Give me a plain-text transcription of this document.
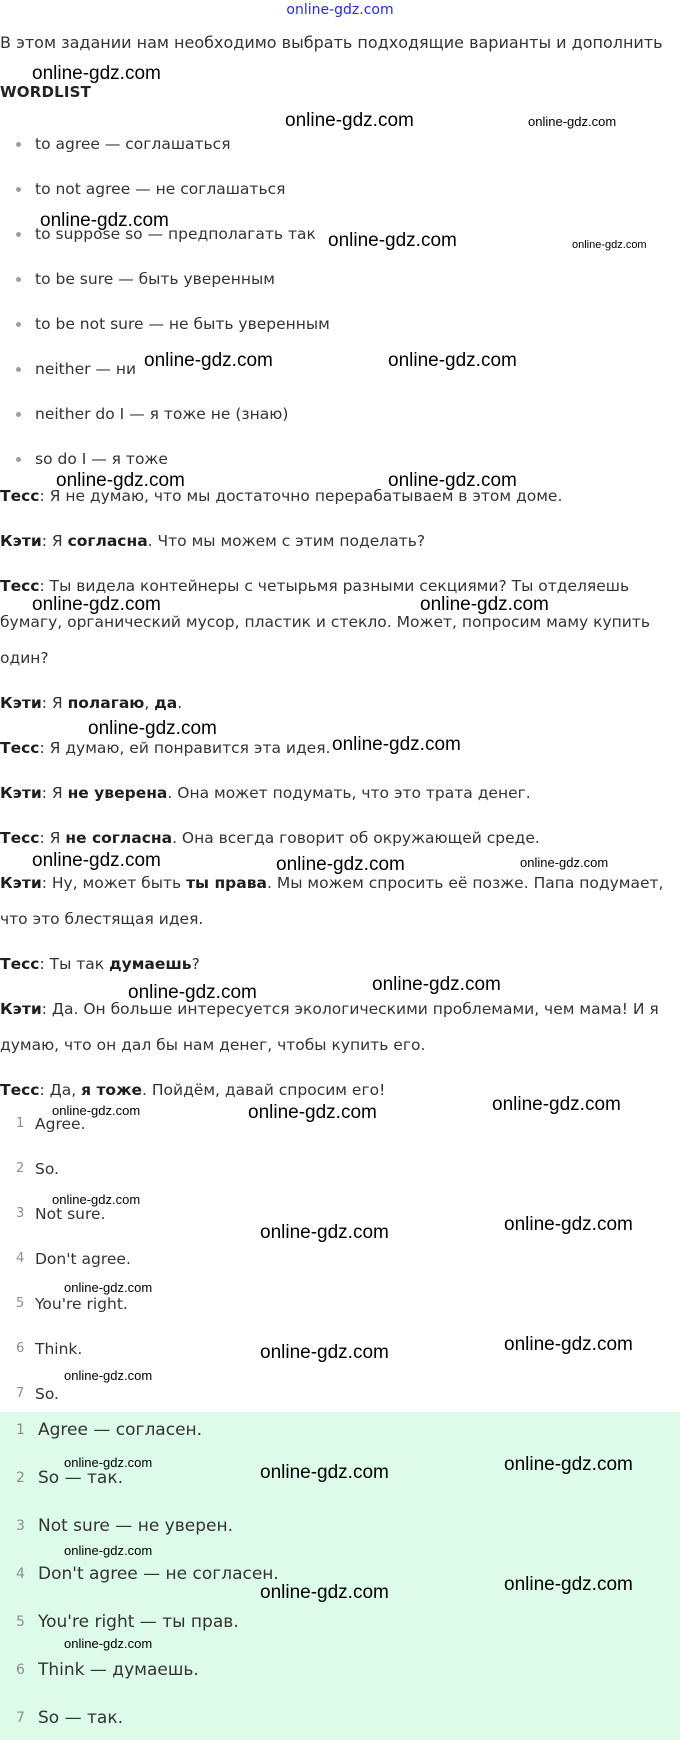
online-gdz.com
В этом задании нам необходимо выбрать подходящие варианты и дополнить
WORDLIST
to agree — соглашаться
to not agree — не соглашаться
to suppose so — предполагать так
to be sure — быть уверенным
to be not sure — не быть уверенным
neither — ни
neither do I — я тоже не (знаю)
so do I — я тоже
Тесс: Я не думаю, что мы достаточно перерабатываем в этом доме.
Кэти: Я согласна. Что мы можем с этим поделать?
Тесс: Ты видела контейнеры с четырьмя разными секциями? Ты отделяешь
бумагу, органический мусор, пластик и стекло. Может, попросим маму купить
один?
Кэти: Я полагаю, да.
Тесс: Я думаю, ей понравится эта идея.
Кэти: Я не уверена. Она может подумать, что это трата денег.
Тесс: Я не согласна. Она всегда говорит об окружающей среде.
Кэти: Ну, может быть ты права. Мы можем спросить её позже. Папа подумает,
что это блестящая идея.
Тесс: Ты так думаешь?
Кэти: Да. Он больше интересуется экологическими проблемами, чем мама! И я
думаю, что он дал бы нам денег, чтобы купить его.
Тесс: Да, я тоже. Пойдём, давай спросим его!
1 Agree.
2 So.
3 Not sure.
4 Don't agree.
5 You're right.
6 Think.
7 So.
1 Agree — согласен.
2 So — так.
3 Not sure — не уверен.
4 Don't agree — не согласен.
5 You're right — ты прав.
6 Think — думаешь.
7 So — так.
online-gdz.com
online-gdz.com	online-gdz.com
online-gdz.com
online-gdz.com	online-gdz.com
online-gdz.com	online-gdz.com
online-gdz.com	online-gdz.com
online-gdz.com	online-gdz.com
online-gdz.com
online-gdz.com
online-gdz.com	online-gdz.com	online-gdz.com
online-gdz.com	online-gdz.com
online-gdz.com	online-gdz.com	online-gdz.com
online-gdz.com
online-gdz.com	online-gdz.com
online-gdz.com
online-gdz.com	online-gdz.com
online-gdz.com
online-gdz.com	online-gdz.com	online-gdz.com
online-gdz.com
online-gdz.com	online-gdz.com
online-gdz.com
